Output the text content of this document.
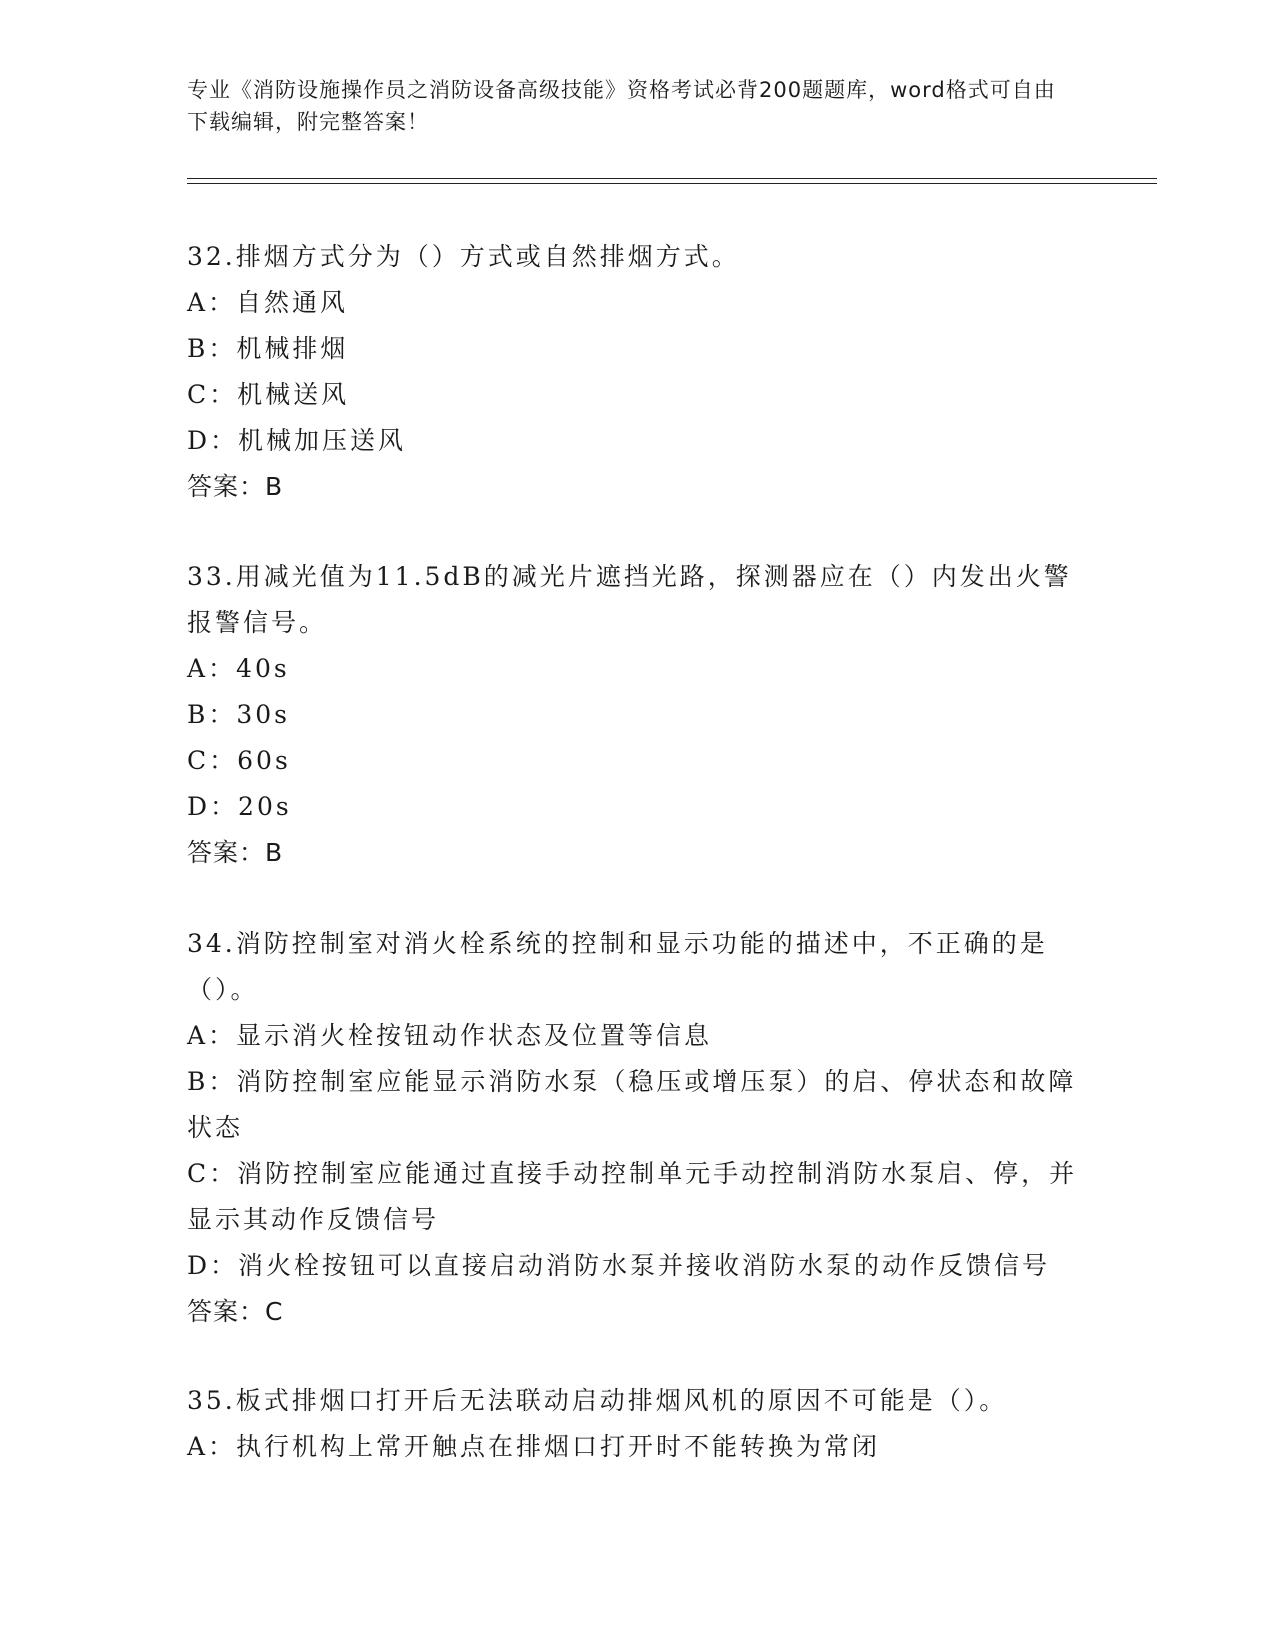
专业《消防设施操作员之消防设备高级技能》资格考试必背200题题库，word格式可自由下载编辑，附完整答案！
32.排烟方式分为（）方式或自然排烟方式。
A：自然通风
B：机械排烟
C：机械送风
D：机械加压送风
答案：B
33.用减光值为11.5dB的减光片遮挡光路，探测器应在（）内发出火警报警信号。
A：40s
B：30s
C：60s
D：20s
答案：B
34.消防控制室对消火栓系统的控制和显示功能的描述中，不正确的是（）。
A：显示消火栓按钮动作状态及位置等信息
B：消防控制室应能显示消防水泵（稳压或增压泵）的启、停状态和故障状态
C：消防控制室应能通过直接手动控制单元手动控制消防水泵启、停，并显示其动作反馈信号
D：消火栓按钮可以直接启动消防水泵并接收消防水泵的动作反馈信号
答案：C
35.板式排烟口打开后无法联动启动排烟风机的原因不可能是（）。
A：执行机构上常开触点在排烟口打开时不能转换为常闭
